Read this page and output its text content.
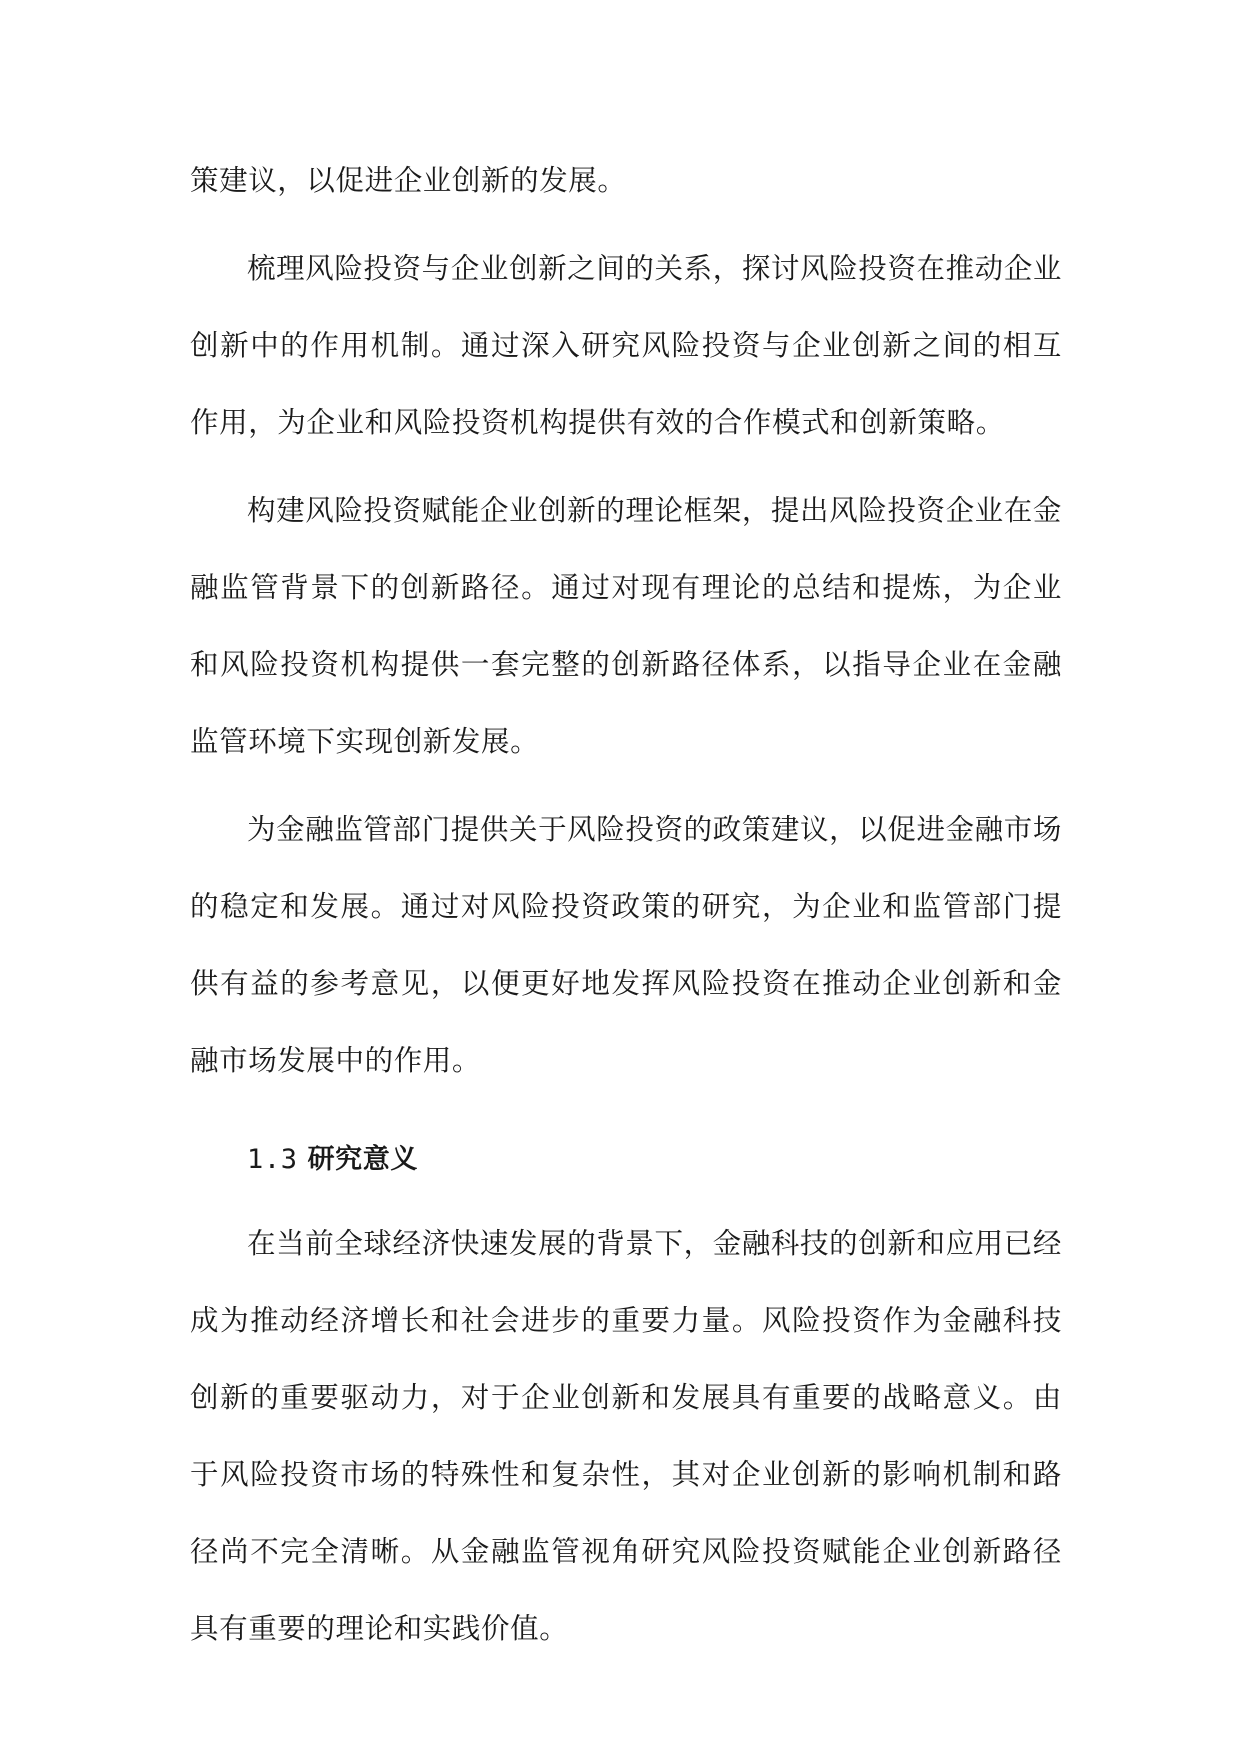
策建议，以促进企业创新的发展。

梳理风险投资与企业创新之间的关系，探讨风险投资在推动企业创新中的作用机制。通过深入研究风险投资与企业创新之间的相互作用，为企业和风险投资机构提供有效的合作模式和创新策略。

构建风险投资赋能企业创新的理论框架，提出风险投资企业在金融监管背景下的创新路径。通过对现有理论的总结和提炼，为企业和风险投资机构提供一套完整的创新路径体系，以指导企业在金融监管环境下实现创新发展。

为金融监管部门提供关于风险投资的政策建议，以促进金融市场的稳定和发展。通过对风险投资政策的研究，为企业和监管部门提供有益的参考意见，以便更好地发挥风险投资在推动企业创新和金融市场发展中的作用。

1.3 研究意义

在当前全球经济快速发展的背景下，金融科技的创新和应用已经成为推动经济增长和社会进步的重要力量。风险投资作为金融科技创新的重要驱动力，对于企业创新和发展具有重要的战略意义。由于风险投资市场的特殊性和复杂性，其对企业创新的影响机制和路径尚不完全清晰。从金融监管视角研究风险投资赋能企业创新路径具有重要的理论和实践价值。
